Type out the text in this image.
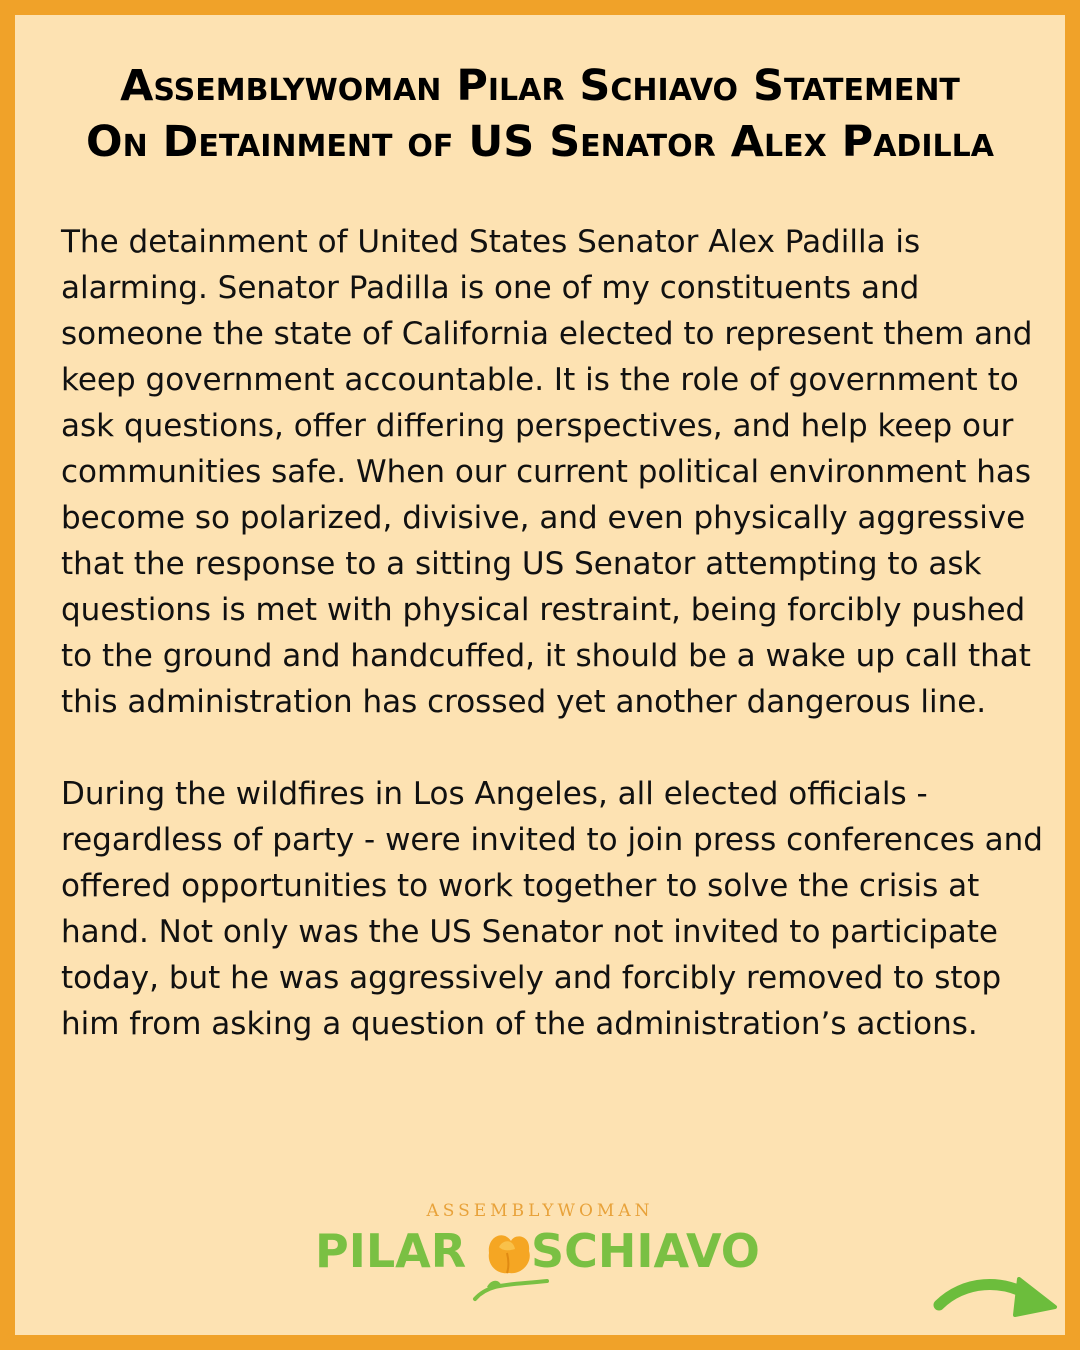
Assemblywoman Pilar Schiavo Statement
On Detainment of US Senator Alex Padilla

The detainment of United States Senator Alex Padilla is alarming. Senator Padilla is one of my constituents and someone the state of California elected to represent them and keep government accountable. It is the role of government to ask questions, offer differing perspectives, and help keep our communities safe. When our current political environment has become so polarized, divisive, and even physically aggressive that the response to a sitting US Senator attempting to ask questions is met with physical restraint, being forcibly pushed to the ground and handcuffed, it should be a wake up call that this administration has crossed yet another dangerous line.

During the wildfires in Los Angeles, all elected officials - regardless of party - were invited to join press conferences and offered opportunities to work together to solve the crisis at hand. Not only was the US Senator not invited to participate today, but he was aggressively and forcibly removed to stop him from asking a question of the administration’s actions.

ASSEMBLYWOMAN
PILAR SCHIAVO
